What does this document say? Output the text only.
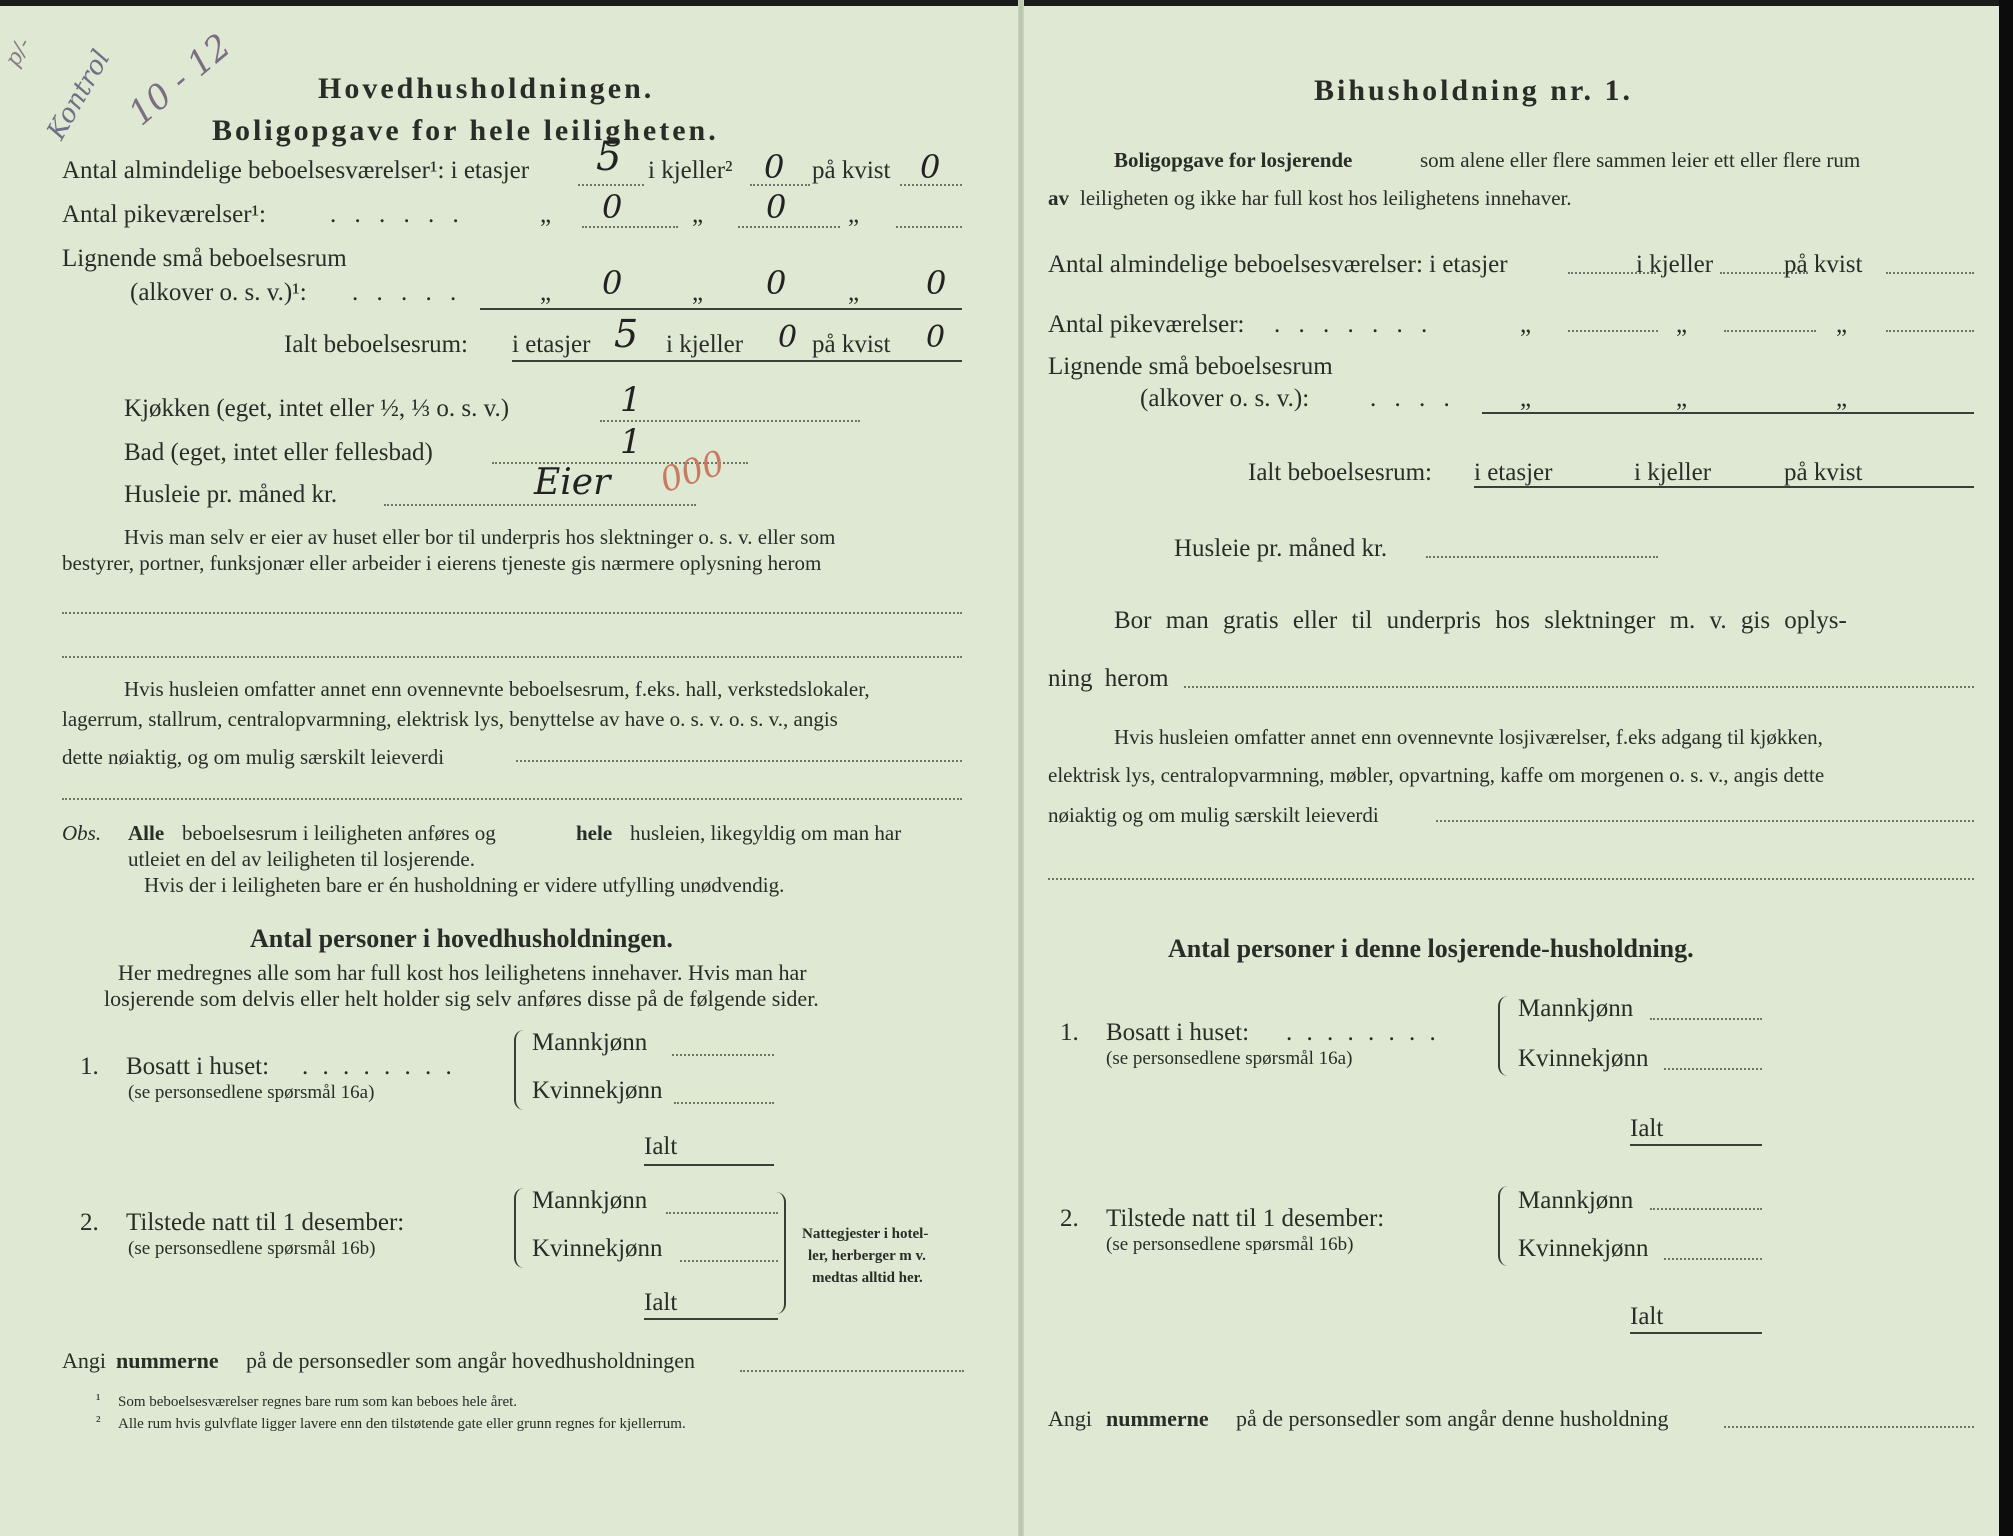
p/- Kontrol 10 - 12	Hovedhusholdningen.
Boligopgave for hele leiligheten.
Antal almindelige beboelsesværelser¹: i etasjer 5 i kjeller² 0 på kvist 0
Antal pikeværelser¹:	. . . . . .	„ 0	„ 0 „
Lignende små beboelsesrum
(alkover o. s. v.)¹: . . . . .	„ 0	„ 0 „ 0
Ialt beboelsesrum: i etasjer 5 i kjeller 0 på kvist 0
Kjøkken (eget, intet eller ½, ⅓ o. s. v.)	1
Bad (eget, intet eller fellesbad)	1
Husleie pr. måned kr.	Eier 000
Hvis man selv er eier av huset eller bor til underpris hos slektninger o. s. v. eller som
bestyrer, portner, funksjonær eller arbeider i eierens tjeneste gis nærmere oplysning herom
Hvis husleien omfatter annet enn ovennevnte beboelsesrum, f.eks. hall, verkstedslokaler,
lagerrum, stallrum, centralopvarmning, elektrisk lys, benyttelse av have o. s. v. o. s. v., angis
dette nøiaktig, og om mulig særskilt leieverdi
Obs. Alle beboelsesrum i leiligheten anføres og	hele husleien, likegyldig om man har
utleiet en del av leiligheten til losjerende.
Hvis der i leiligheten bare er én husholdning er videre utfylling unødvendig.
Antal personer i hovedhusholdningen.
Her medregnes alle som har full kost hos leilighetens innehaver. Hvis man har
losjerende som delvis eller helt holder sig selv anføres disse på de følgende sider.
1. Bosatt i huset: . . . . . . . .
(se personsedlene spørsmål 16a)
Mannkjønn
Kvinnekjønn
Ialt
2. Tilstede natt til 1 desember:
(se personsedlene spørsmål 16b)
Mannkjønn
Kvinnekjønn
Ialt
Nattegjester i hotel-
ler, herberger m v.
medtas alltid her.
Angi nummerne på de personsedler som angår hovedhusholdningen
¹ Som beboelsesværelser regnes bare rum som kan beboes hele året.
² Alle rum hvis gulvflate ligger lavere enn den tilstøtende gate eller grunn regnes for kjellerrum.
Bihusholdning nr. 1.
Boligopgave for losjerende	som alene eller flere sammen leier ett eller flere rum
av leiligheten og ikke har full kost hos leilighetens innehaver.
Antal almindelige beboelsesværelser: i etasjer	i kjeller	på kvist
Antal pikeværelser: . . . . . . .	„	„	„
Lignende små beboelsesrum
(alkover o. s. v.): . . . .	„	„	„
Ialt beboelsesrum: i etasjer	i kjeller	på kvist
Husleie pr. måned kr.
Bor man gratis eller til underpris hos slektninger m. v. gis oplys-
ning herom
Hvis husleien omfatter annet enn ovennevnte losjiværelser, f.eks adgang til kjøkken,
elektrisk lys, centralopvarmning, møbler, opvartning, kaffe om morgenen o. s. v., angis dette
nøiaktig og om mulig særskilt leieverdi
Antal personer i denne losjerende-husholdning.
1. Bosatt i huset: . . . . . . . .
(se personsedlene spørsmål 16a)
Mannkjønn
Kvinnekjønn
Ialt
2. Tilstede natt til 1 desember:
(se personsedlene spørsmål 16b)
Mannkjønn
Kvinnekjønn
Ialt
Angi nummerne på de personsedler som angår denne husholdning
